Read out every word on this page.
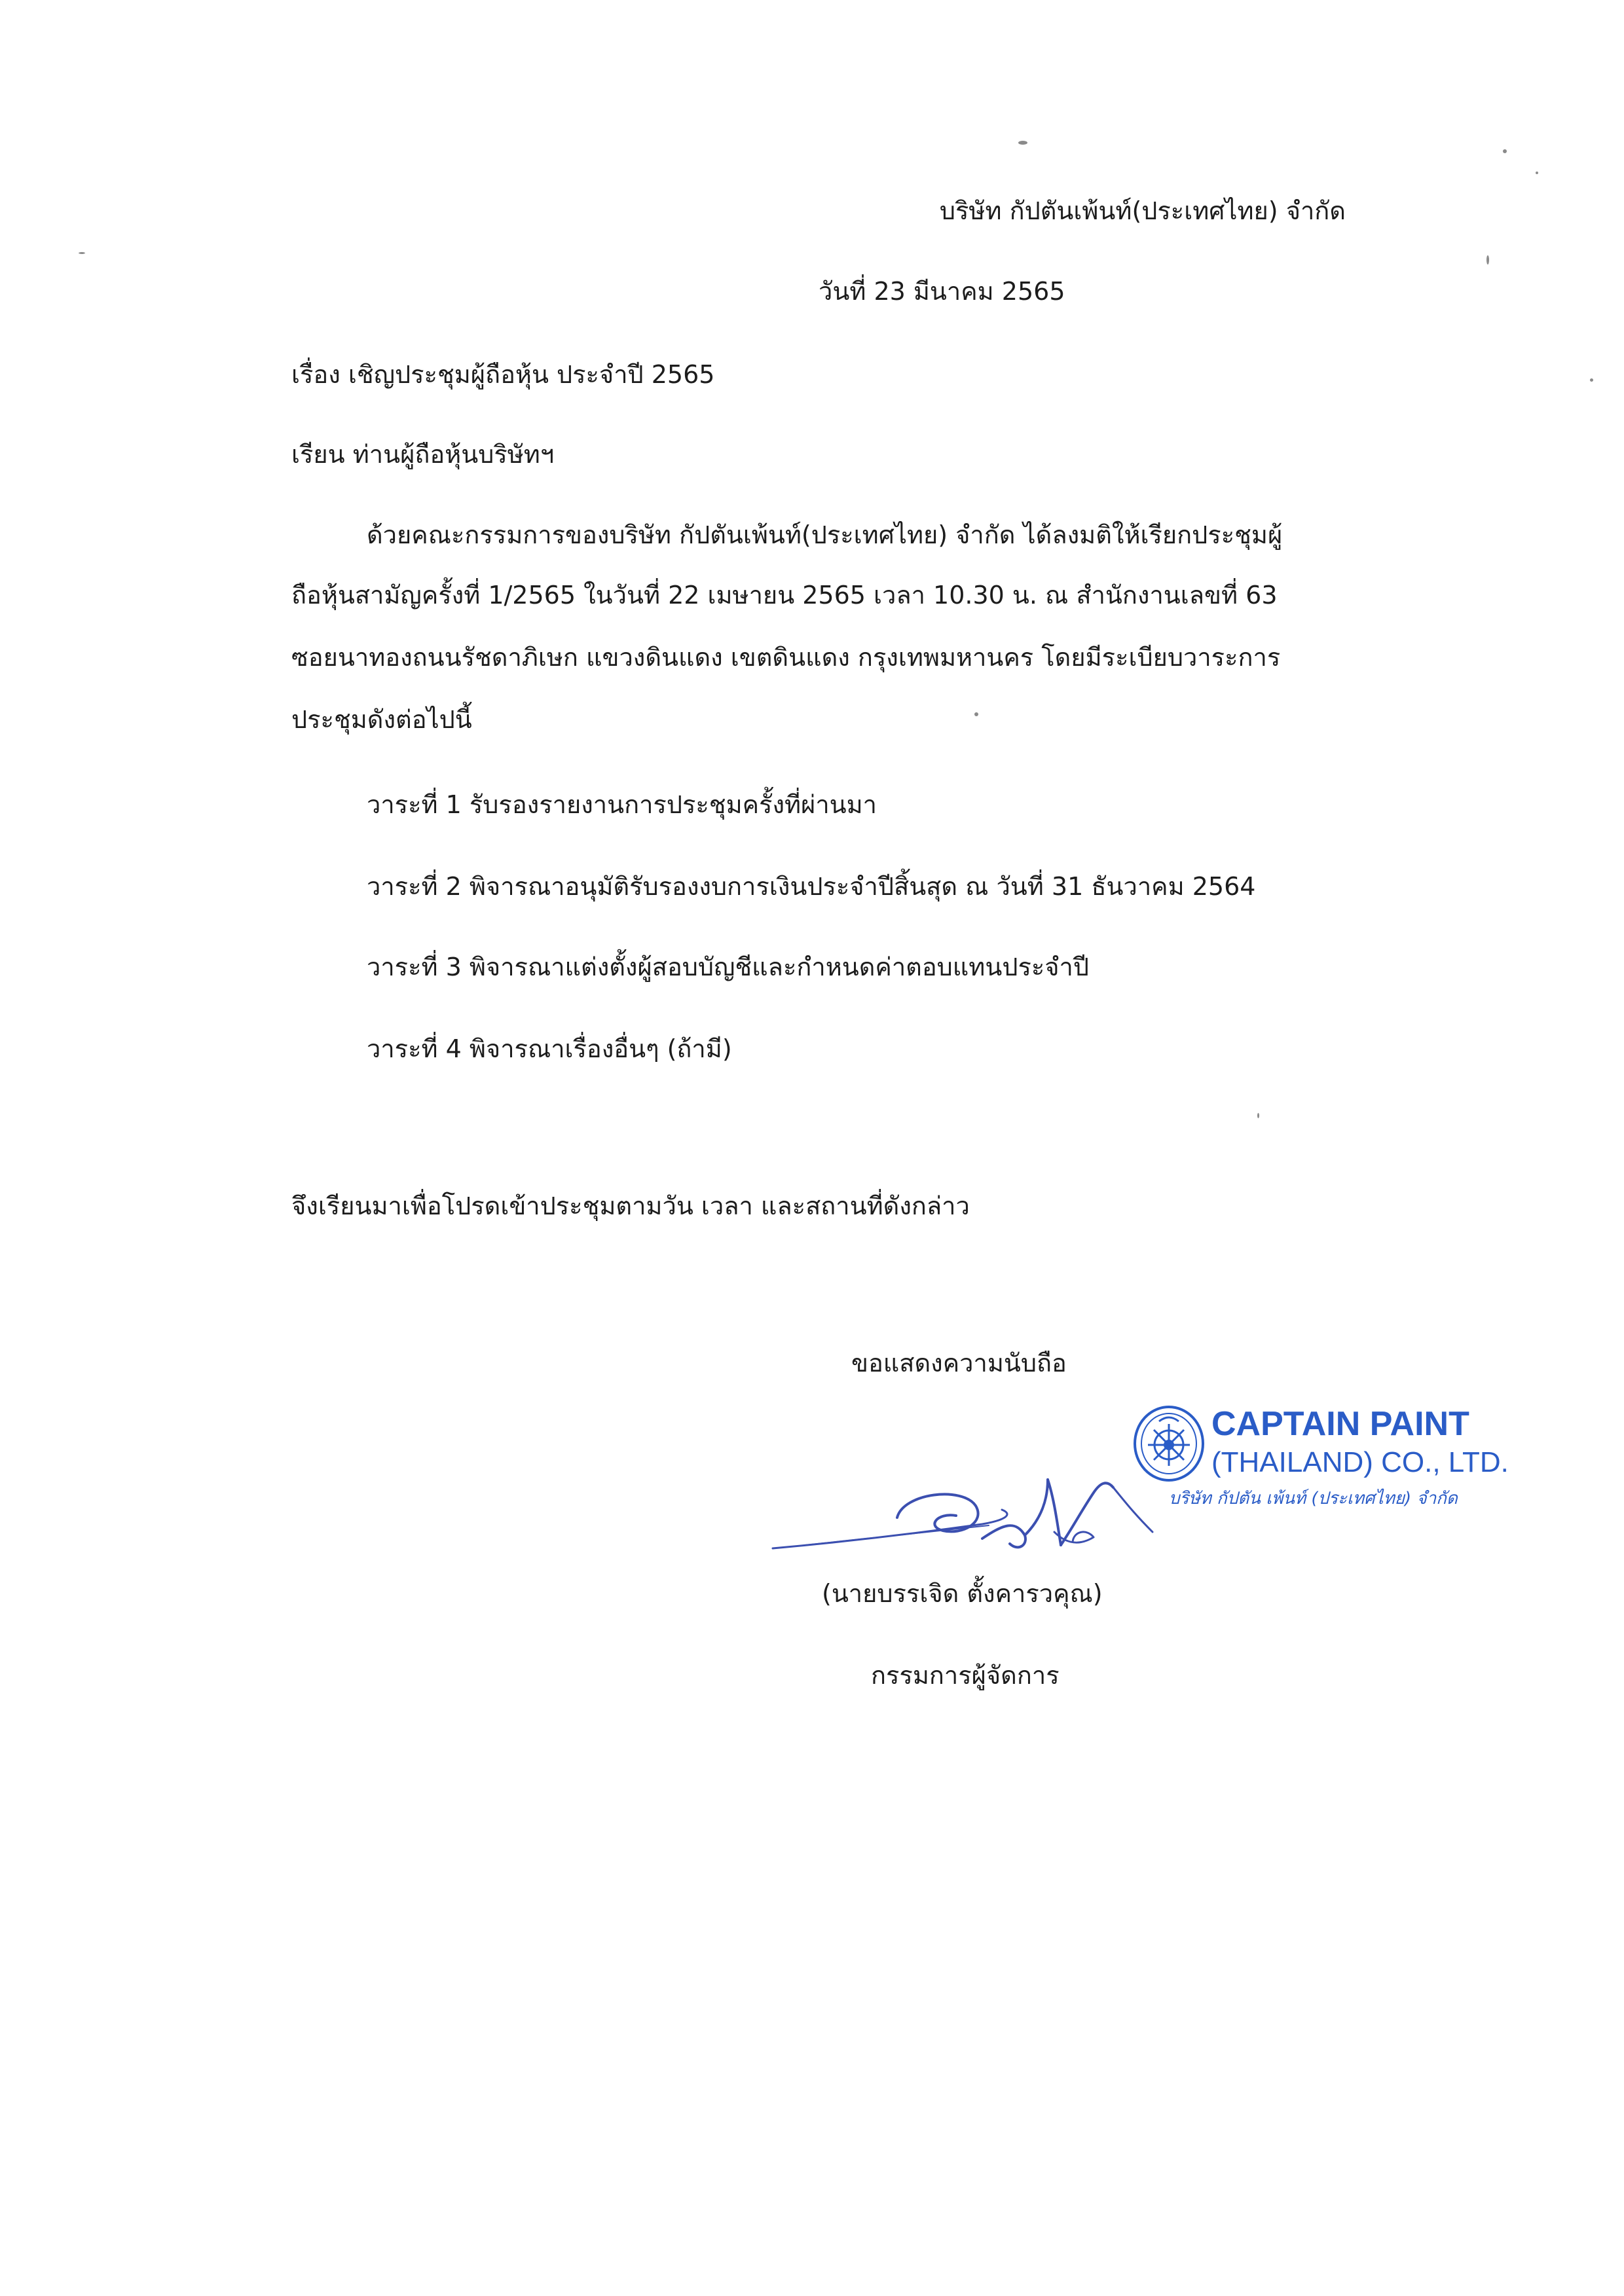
บริษัท กัปตันเพ้นท์(ประเทศไทย) จำกัด
วันที่ 23 มีนาคม 2565
เรื่อง เชิญประชุมผู้ถือหุ้น ประจำปี 2565
เรียน ท่านผู้ถือหุ้นบริษัทฯ
ด้วยคณะกรรมการของบริษัท กัปตันเพ้นท์(ประเทศไทย) จำกัด ได้ลงมติให้เรียกประชุมผู้
ถือหุ้นสามัญครั้งที่ 1/2565 ในวันที่ 22 เมษายน 2565 เวลา 10.30 น. ณ สำนักงานเลขที่ 63
ซอยนาทองถนนรัชดาภิเษก แขวงดินแดง เขตดินแดง กรุงเทพมหานคร โดยมีระเบียบวาระการ
ประชุมดังต่อไปนี้
วาระที่ 1 รับรองรายงานการประชุมครั้งที่ผ่านมา
วาระที่ 2 พิจารณาอนุมัติรับรองงบการเงินประจำปีสิ้นสุด ณ วันที่ 31 ธันวาคม 2564
วาระที่ 3 พิจารณาแต่งตั้งผู้สอบบัญชีและกำหนดค่าตอบแทนประจำปี
วาระที่ 4 พิจารณาเรื่องอื่นๆ (ถ้ามี)
จึงเรียนมาเพื่อโปรดเข้าประชุมตามวัน เวลา และสถานที่ดังกล่าว
ขอแสดงความนับถือ
CAPTAIN PAINT
(THAILAND) CO., LTD.
บริษัท กัปตัน เพ้นท์ (ประเทศไทย) จำกัด
(นายบรรเจิด ตั้งคารวคุณ)
กรรมการผู้จัดการ
